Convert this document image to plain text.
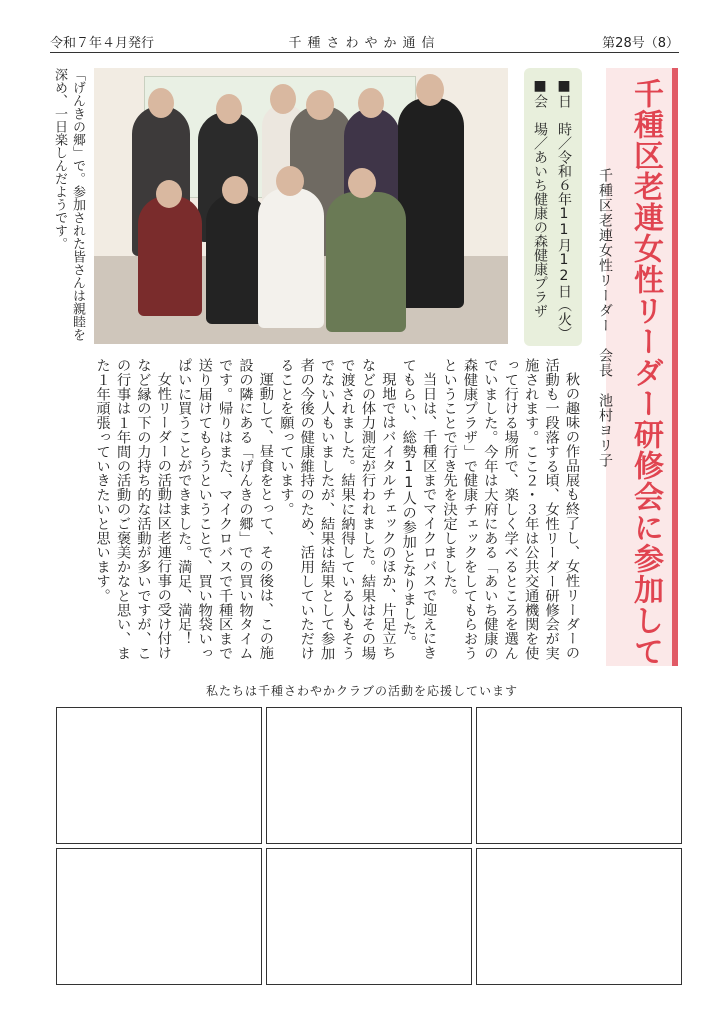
令和７年４月発行	千種さわやか通信	第28号（8）
千種区老連女性リーダー研修会に参加して
千種区老連女性リーダー　会長　池村ヨリ子
■日　時／令和６年11月12日（火）
■会　場／あいち健康の森健康プラザ
「げんきの郷」で。参加された皆さんは親睦を深め、一日楽しんだようです。

秋の趣味の作品展も終了し、女性リーダーの活動も一段落する頃、女性リーダー研修会が実施されます。ここ２・３年は公共交通機関を使って行ける場所で、楽しく学べるところを選んでいました。今年は大府にある「あいち健康の森健康プラザ」で健康チェックをしてもらおうということで行き先を決定しました。

当日は、千種区までマイクロバスで迎えにきてもらい、総勢11人の参加となりました。

現地ではバイタルチェックのほか、片足立ちなどの体力測定が行われました。結果はその場で渡されました。結果に納得している人もそうでない人もいましたが、結果は結果として参加者の今後の健康維持のため、活用していただけることを願っています。

運動して、昼食をとって、その後は、この施設の隣にある「げんきの郷」での買い物タイムです。帰りはまた、マイクロバスで千種区まで送り届けてもらうということで、買い物袋いっぱいに買うことができました。満足、満足！

女性リーダーの活動は区老連行事の受け付けなど縁の下の力持ち的な活動が多いですが、この行事は１年間の活動のご褒美かなと思い、また１年頑張っていきたいと思います。

私たちは千種さわやかクラブの活動を応援しています
